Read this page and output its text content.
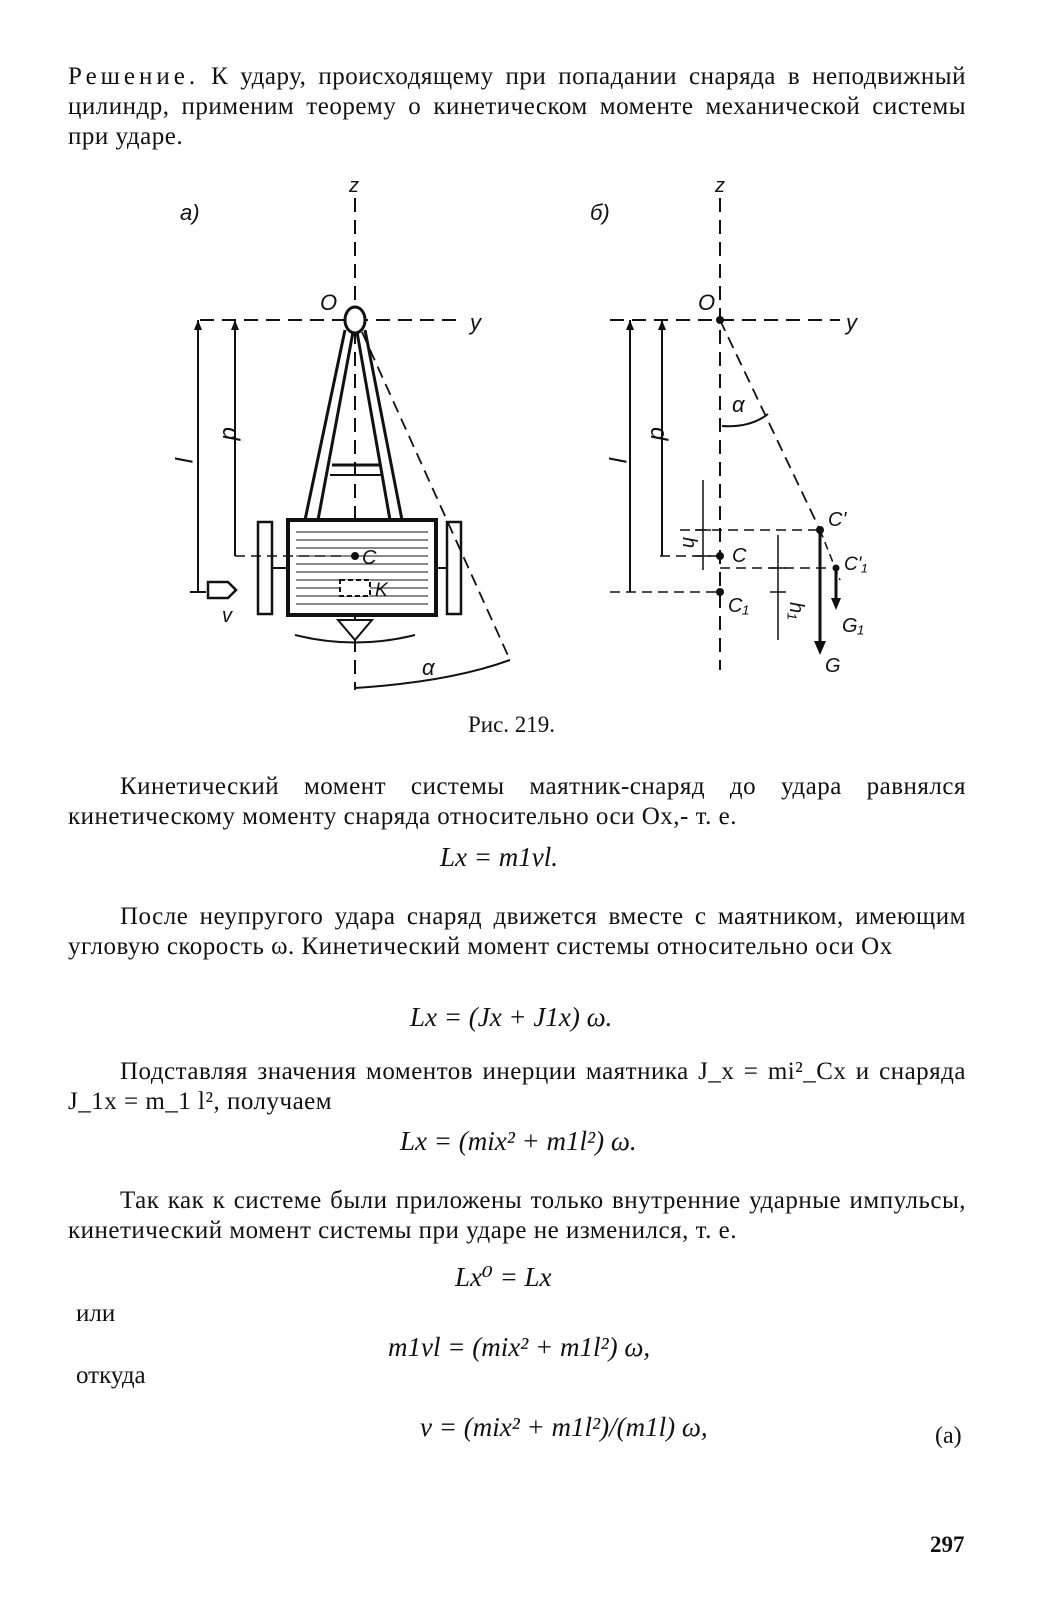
Решение. К удару, происходящему при попадании снаряда в неподвижный цилиндр, применим теорему о кинетическом моменте механической системы при ударе.

a)
z
y
O
C
K
v
l
d
α
б)
z
y
O
α
C'
G
C'₁
G₁
C
C₁
l
d
h
h₁
Рис. 219.

Кинетический момент системы маятник-снаряд до удара равнялся кинетическому моменту снаряда относительно оси Ox,- т. е.

Lx = m1vl.

После неупругого удара снаряд движется вместе с маятником, имеющим угловую скорость ω. Кинетический момент системы относительно оси Ox

Lx = (Jx + J1x) ω.

Подставляя значения моментов инерции маятника J_x = mi²_Cx и снаряда J_1x = m_1 l², получаем

Lx = (mix² + m1l²) ω.

Так как к системе были приложены только внутренние ударные импульсы, кинетический момент системы при ударе не изменился, т. е.

Lx⁰ = Lx
или
m1vl = (mix² + m1l²) ω,
откуда
v = (mix² + m1l²)/(m1l) ω,	(a)
297
